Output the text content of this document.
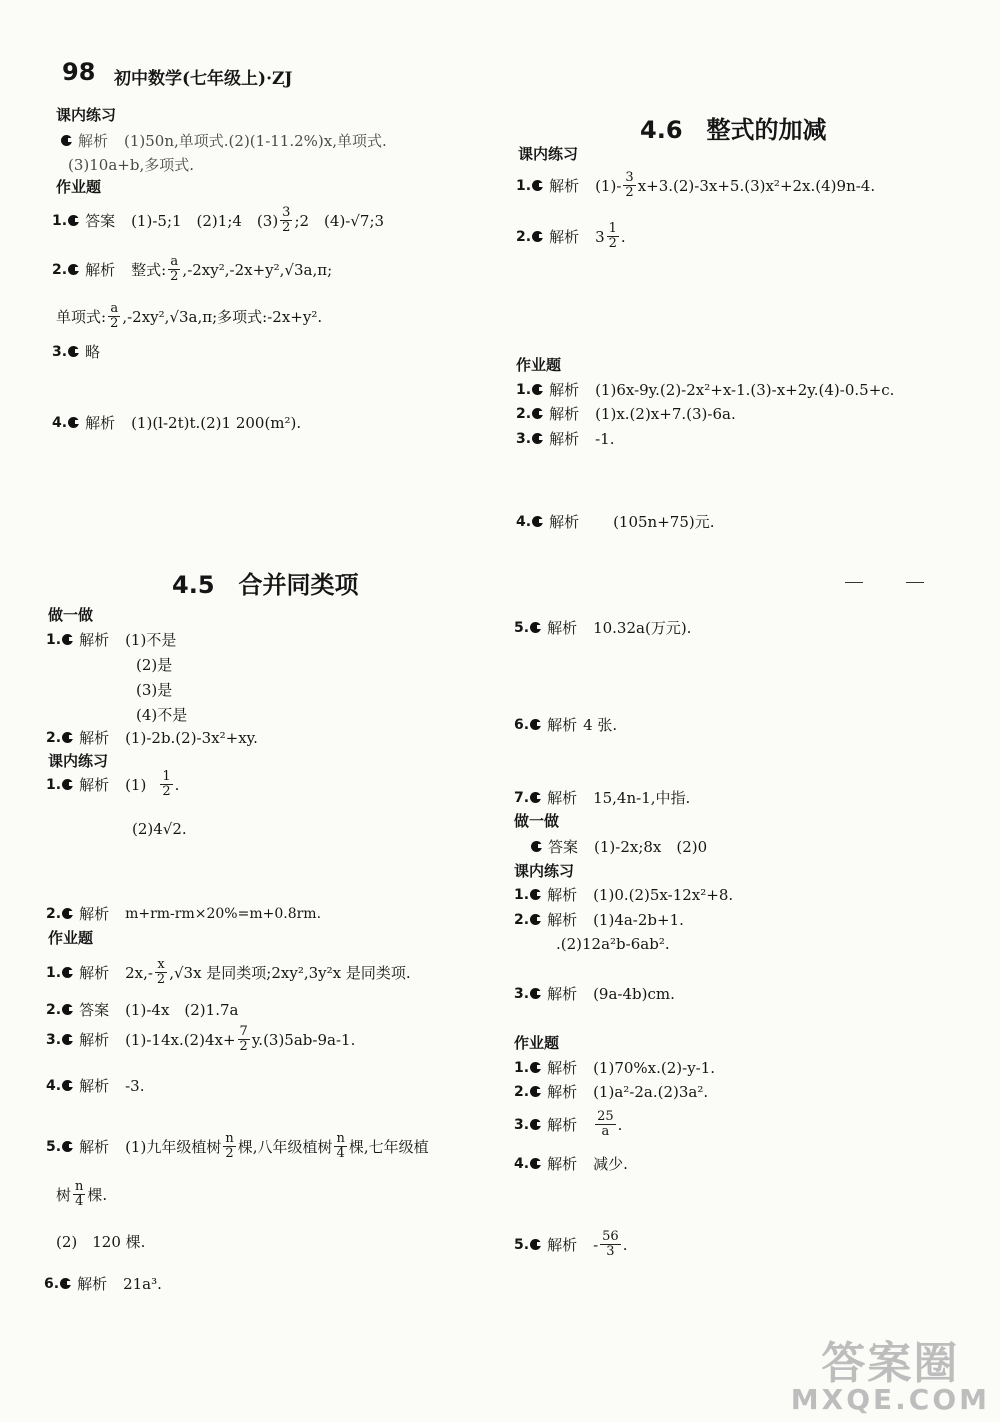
98 初中数学(七年级上)·ZJ
课内练习
解析 (1)50n,单项式.(2)(1-11.2%)x,单项式.
(3)10a+b,多项式.
作业题
1. 答案 (1)-5;1　(2)1;4　$(3) \frac{3}{2}$ ;2　(4)-√7;3
2. 解析 整式: $\frac{a}{2} ,-2xy^2,-2x+y^2,√3a,\pi$;
单项式: $\frac{a}{2} ,-2xy^2,√3a,\pi$;多项式:-2x+y².
3. 略
4. 解析 (1)(l-2t)t.(2)1 200(m²).
4.5　合并同类项
做一做
1. 解析 (1)不是
(2)是
(3)是
(4)不是
2. 解析 (1)-2b.(2)-3x²+xy.
课内练习
1. 解析 $(1) \frac{1}{2}$ .
(2)4√2.
2. 解析 m+rm-rm×20%=m+0.8rm.
作业题
1. 解析 $2x,- \frac{x}{2} ,√3x$ 是同类项;2xy²,3y²x 是同类项.
2. 答案 (1)-4x　(2)1.7a
3. 解析 $(1)-14x.(2)4x+ \frac{7}{2} y.(3)5ab-9a-1$.
4. 解析 -3.
5. 解析 (1)九年级植树 $\frac{n}{2}$ 棵,八年级植树 $\frac{n}{4}$ 棵,七年级植
树 $\frac{n}{4}$ 棵.
(2)　120 棵.
6. 解析 21a³.
4.6　整式的加减
课内练习
1. 解析 $(1)- \frac{3}{2} x+3.(2)-3x+5.(3)x^2+2x.(4)9n-4$.
2. 解析 $3 \frac{1}{2}$ .
作业题
1. 解析 (1)6x-9y.(2)-2x²+x-1.(3)-x+2y.(4)-0.5+c.
2. 解析 (1)x.(2)x+7.(3)-6a.
3. 解析 -1.
4. 解析 (105n+75)元.
5. 解析 10.32a(万元).
6. 解析 4 张.
7. 解析 15,4n-1,中指.
做一做
答案 (1)-2x;8x　(2)0
课内练习
1. 解析 (1)0.(2)5x-12x²+8.
2. 解析 (1)4a-2b+1.
.(2)12a²b-6ab².
3. 解析 (9a-4b)cm.
作业题
1. 解析 (1)70%x.(2)-y-1.
2. 解析 (1)a²-2a.(2)3a².
3. 解析 $\frac{25}{a}$ .
4. 解析 减少.
5. 解析 - $\frac{56}{3}$ .
答案圈
MXQE.COM
